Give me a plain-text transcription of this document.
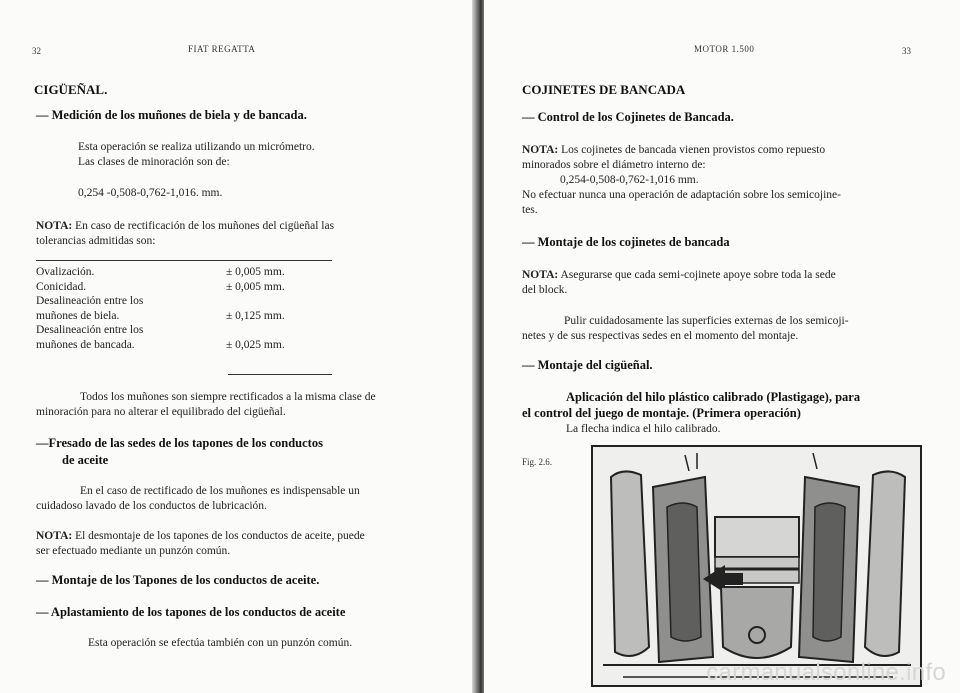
32	FIAT REGATTA
CIGÜEÑAL.
— Medición de los muñones de biela y de bancada.
Esta operación se realiza utilizando un micrómetro.
Las clases de minoración son de:
0,254 -0,508-0,762-1,016. mm.
NOTA: En caso de rectificación de los muñones del cigüeñal las
tolerancias admitidas son:
Ovalización.	± 0,005 mm.
Conicidad.	± 0,005 mm.
Desalineación entre los	
muñones de biela.	± 0,125 mm.
Desalineación entre los	
muñones de bancada.	± 0,025 mm.
Todos los muñones son siempre rectificados a la misma clase de
minoración para no alterar el equilibrado del cigüeñal.
—Fresado de las sedes de los tapones de los conductos
de aceite
En el caso de rectificado de los muñones es indispensable un
cuidadoso lavado de los conductos de lubricación.
NOTA: El desmontaje de los tapones de los conductos de aceite, puede
ser efectuado mediante un punzón común.
— Montaje de los Tapones de los conductos de aceite.
— Aplastamiento de los tapones de los conductos de aceite
Esta operación se efectúa también con un punzón común.
MOTOR 1.500	33
COJINETES DE BANCADA
— Control de los Cojinetes de Bancada.
NOTA: Los cojinetes de bancada vienen provistos como repuesto
minorados sobre el diámetro interno de:
0,254-0,508-0,762-1,016 mm.
No efectuar nunca una operación de adaptación sobre los semicojine-
tes.
— Montaje de los cojinetes de bancada
NOTA: Asegurarse que cada semi-cojinete apoye sobre toda la sede
del block.
Pulir cuidadosamente las superficies externas de los semicoji-
netes y de sus respectivas sedes en el momento del montaje.
— Montaje del cigüeñal.
Aplicación del hilo plástico calibrado (Plastigage), para
el control del juego de montaje. (Primera operación)
La flecha indica el hilo calibrado.
Fig. 2.6.
carmanualsonline.info
